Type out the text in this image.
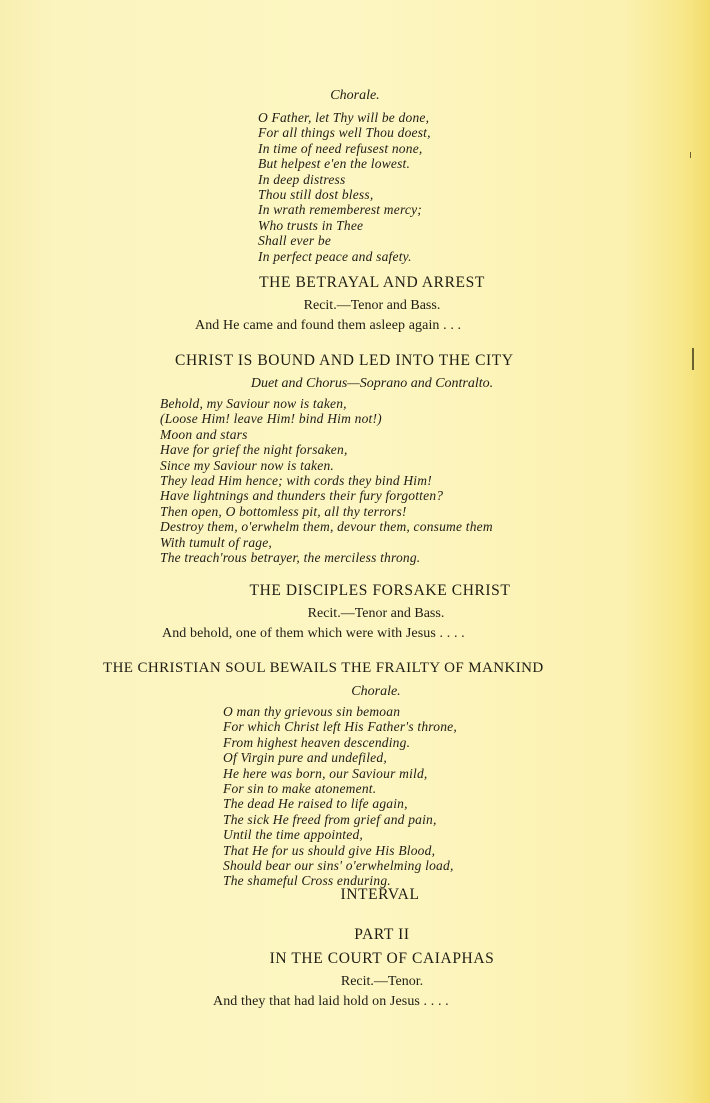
Chorale.
O Father, let Thy will be done,
For all things well Thou doest,
In time of need refusest none,
But helpest e'en the lowest.
In deep distress
Thou still dost bless,
In wrath rememberest mercy;
Who trusts in Thee
Shall ever be
In perfect peace and safety.
THE BETRAYAL AND ARREST
Recit.—Tenor and Bass.
And He came and found them asleep again . . .
CHRIST IS BOUND AND LED INTO THE CITY
Duet and Chorus—Soprano and Contralto.
Behold, my Saviour now is taken,
(Loose Him! leave Him! bind Him not!)
Moon and stars
Have for grief the night forsaken,
Since my Saviour now is taken.
They lead Him hence; with cords they bind Him!
Have lightnings and thunders their fury forgotten?
Then open, O bottomless pit, all thy terrors!
Destroy them, o'erwhelm them, devour them, consume them
With tumult of rage,
The treach'rous betrayer, the merciless throng.
THE DISCIPLES FORSAKE CHRIST
Recit.—Tenor and Bass.
And behold, one of them which were with Jesus . . . .
THE CHRISTIAN SOUL BEWAILS THE FRAILTY OF MANKIND
Chorale.
O man thy grievous sin bemoan
For which Christ left His Father's throne,
From highest heaven descending.
Of Virgin pure and undefiled,
He here was born, our Saviour mild,
For sin to make atonement.
The dead He raised to life again,
The sick He freed from grief and pain,
Until the time appointed,
That He for us should give His Blood,
Should bear our sins' o'erwhelming load,
The shameful Cross enduring.
INTERVAL
PART II
IN THE COURT OF CAIAPHAS
Recit.—Tenor.
And they that had laid hold on Jesus . . . .
